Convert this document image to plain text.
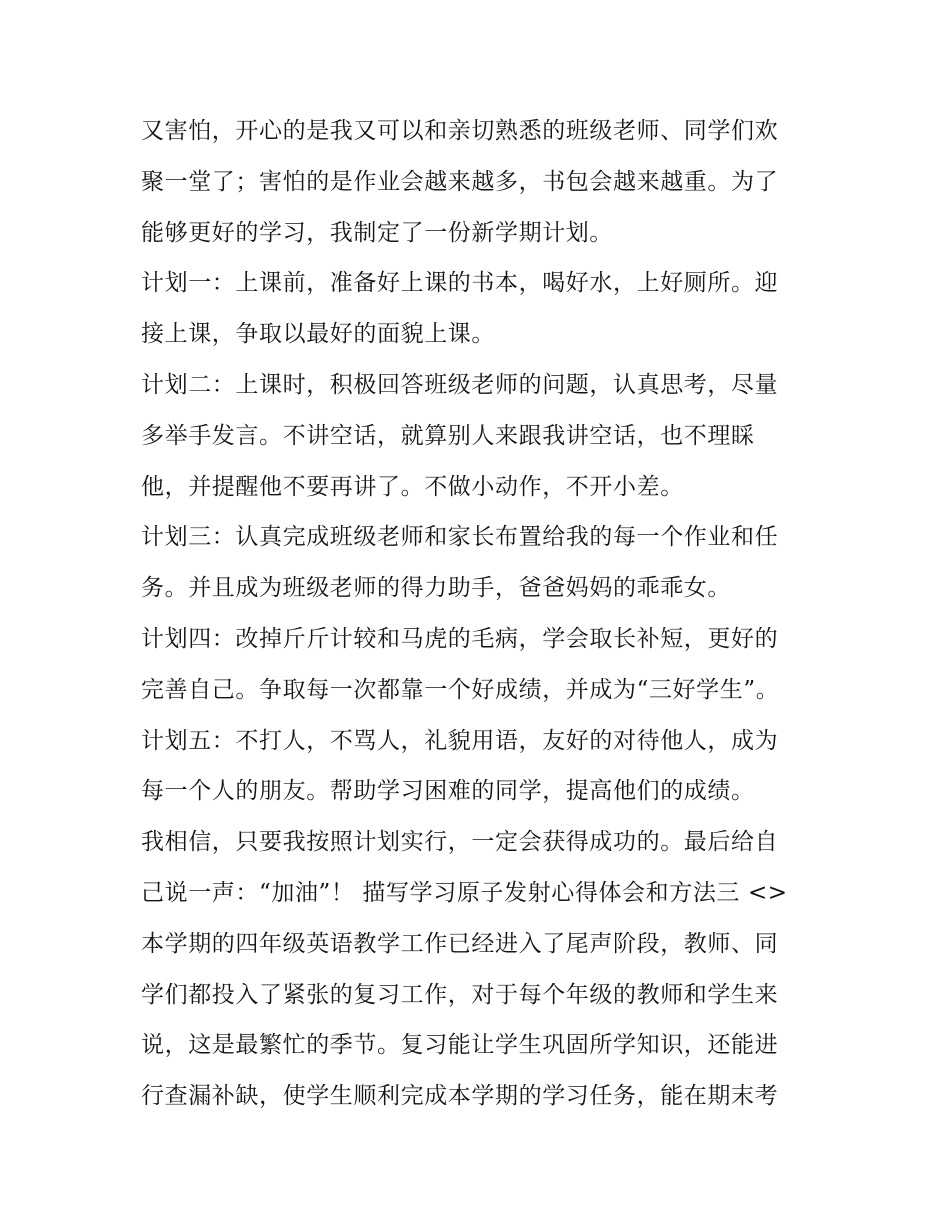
又害怕，开心的是我又可以和亲切熟悉的班级老师、同学们欢
聚一堂了；害怕的是作业会越来越多，书包会越来越重。为了
能够更好的学习，我制定了一份新学期计划。
计划一：上课前，准备好上课的书本，喝好水，上好厕所。迎
接上课，争取以最好的面貌上课。
计划二：上课时，积极回答班级老师的问题，认真思考，尽量
多举手发言。不讲空话，就算别人来跟我讲空话，也不理睬
他，并提醒他不要再讲了。不做小动作，不开小差。
计划三：认真完成班级老师和家长布置给我的每一个作业和任
务。并且成为班级老师的得力助手，爸爸妈妈的乖乖女。
计划四：改掉斤斤计较和马虎的毛病，学会取长补短，更好的
完善自己。争取每一次都靠一个好成绩，并成为“三好学生”。
计划五：不打人，不骂人，礼貌用语，友好的对待他人，成为
每一个人的朋友。帮助学习困难的同学，提高他们的成绩。
我相信，只要我按照计划实行，一定会获得成功的。最后给自
己说一声：“加油”！ 描写学习原子发射心得体会和方法三 <>
本学期的四年级英语教学工作已经进入了尾声阶段，教师、同
学们都投入了紧张的复习工作，对于每个年级的教师和学生来
说，这是最繁忙的季节。复习能让学生巩固所学知识，还能进
行查漏补缺，使学生顺利完成本学期的学习任务，能在期末考
